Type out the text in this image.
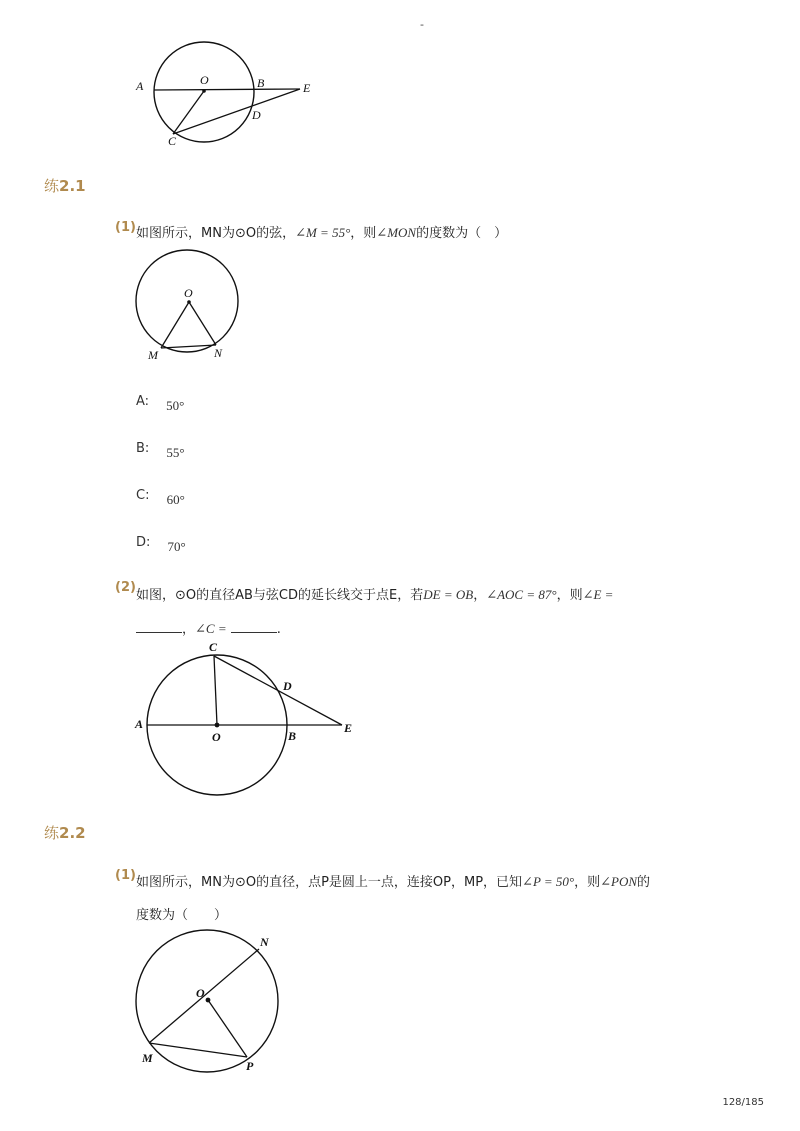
-
A	O	B	E
D
C
练2.1
(1) 如图所示，MN为⊙O的弦，∠M = 55°，则∠MON的度数为（　）
O
M	N
A: $_{50^\circ}$
B: $_{55^\circ}$
C: $_{60^\circ}$
D: $_{70^\circ}$
(2)
如图，⊙O的直径AB与弦CD的延长线交于点E，若DE = OB，∠AOC = 87°，则∠E =
，∠C =	.
C
D
A
O	B
E
练2.2
(1) 如图所示，MN为⊙O的直径，点P是圆上一点，连接OP，MP，已知∠P = 50°，则∠PON的
度数为（　　）
N
O
M
P
128/185
